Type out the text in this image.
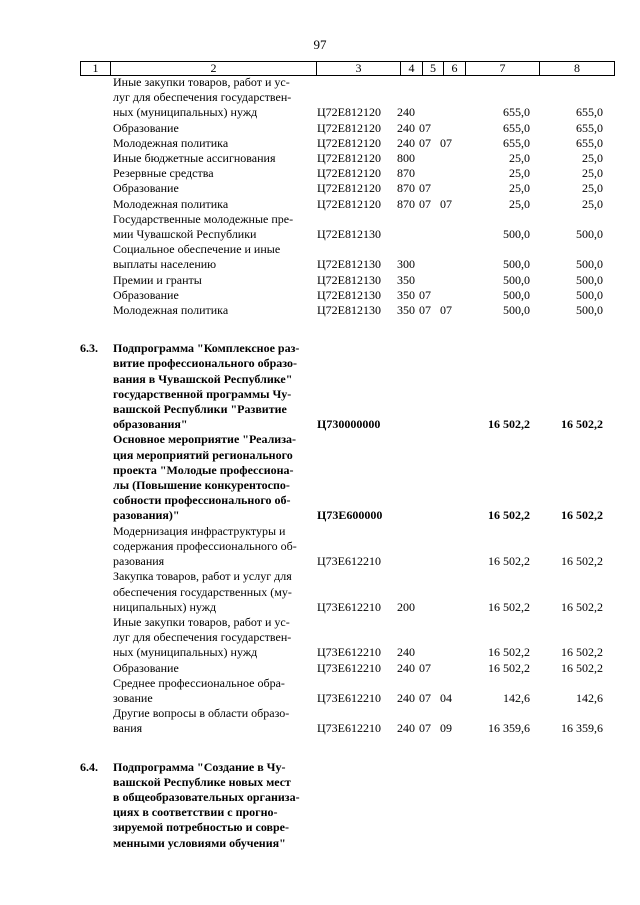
97
1	2	3	4	5	6	7	8
Иные закупки товаров, работ и ус-
луг для обеспечения государствен-
ных (муниципальных) нужд	Ц72Е812120 240	655,0	655,0
Образование	Ц72Е812120 240 07	655,0	655,0
Молодежная политика	Ц72Е812120 240 07 07	655,0	655,0
Иные бюджетные ассигнования	Ц72Е812120 800	25,0	25,0
Резервные средства	Ц72Е812120 870	25,0	25,0
Образование	Ц72Е812120 870 07	25,0	25,0
Молодежная политика	Ц72Е812120 870 07 07	25,0	25,0
Государственные молодежные пре-
мии Чувашской Республики	Ц72Е812130	500,0	500,0
Социальное обеспечение и иные
выплаты населению	Ц72Е812130 300	500,0	500,0
Премии и гранты	Ц72Е812130 350	500,0	500,0
Образование	Ц72Е812130 350 07	500,0	500,0
Молодежная политика	Ц72Е812130 350 07 07	500,0	500,0
6.3. Подпрограмма "Комплексное раз-
витие профессионального образо-
вания в Чувашской Республике"
государственной программы Чу-
вашской Республики "Развитие
образования"	Ц730000000	16 502,2	16 502,2
Основное мероприятие "Реализа-
ция мероприятий регионального
проекта "Молодые профессиона-
лы (Повышение конкурентоспо-
собности профессионального об-
разования)"	Ц73Е600000	16 502,2	16 502,2
Модернизация инфраструктуры и
содержания профессионального об-
разования	Ц73Е612210	16 502,2	16 502,2
Закупка товаров, работ и услуг для
обеспечения государственных (му-
ниципальных) нужд	Ц73Е612210 200	16 502,2	16 502,2
Иные закупки товаров, работ и ус-
луг для обеспечения государствен-
ных (муниципальных) нужд	Ц73Е612210 240	16 502,2	16 502,2
Образование	Ц73Е612210 240 07	16 502,2	16 502,2
Среднее профессиональное обра-
зование	Ц73Е612210 240 07 04	142,6	142,6
Другие вопросы в области образо-
вания	Ц73Е612210 240 07 09	16 359,6	16 359,6
6.4. Подпрограмма "Создание в Чу-
вашской Республике новых мест
в общеобразовательных организа-
циях в соответствии с прогно-
зируемой потребностью и совре-
менными условиями обучения"
